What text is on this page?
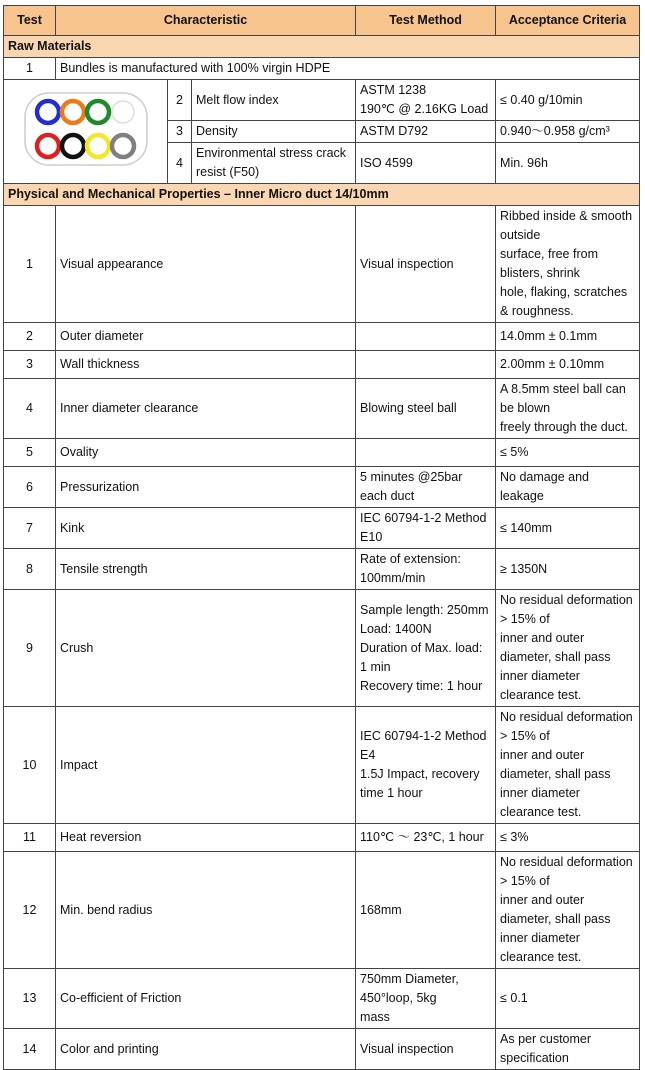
Test	Characteristic			Test Method	Acceptance Criteria
Raw Materials					
1	Bundles is manufactured with 100% virgin HDPE				
	2	Melt flow index	ASTM 1238
190℃ @ 2.16KG Load	≤ 0.40 g/10min
		3	Density	ASTM D792	0.940～0.958 g/cm³
		4	Environmental stress crack
resist (F50)	ISO 4599	Min. 96h
Physical and Mechanical Properties – Inner Micro duct 14/10mm					
1	Visual appearance			Visual inspection	Ribbed inside & smooth outside
surface, free from blisters, shrink
hole, flaking, scratches & roughness.
2	Outer diameter				14.0mm ± 0.1mm
3	Wall thickness				2.00mm ± 0.10mm
4	Inner diameter clearance			Blowing steel ball	A 8.5mm steel ball can be blown
freely through the duct.
5	Ovality				≤ 5%
6	Pressurization			5 minutes @25bar each duct	No damage and leakage
7	Kink			IEC 60794-1-2 Method E10	≤ 140mm
8	Tensile strength			Rate of extension:
100mm/min	≥ 1350N
9	Crush			Sample length: 250mm
Load: 1400N
Duration of Max. load: 1 min
Recovery time: 1 hour	No residual deformation > 15% of
inner and outer diameter, shall pass
inner diameter clearance test.
10	Impact			IEC 60794-1-2 Method E4
1.5J Impact, recovery time 1 hour	No residual deformation > 15% of
inner and outer diameter, shall pass
inner diameter clearance test.
11	Heat reversion			110℃ ～ 23℃, 1 hour	≤ 3%
12	Min. bend radius			168mm	No residual deformation > 15% of
inner and outer diameter, shall pass
inner diameter clearance test.
13	Co-efficient of Friction			750mm Diameter, 450°loop, 5kg
mass	≤ 0.1
14	Color and printing			Visual inspection	As per customer specification
